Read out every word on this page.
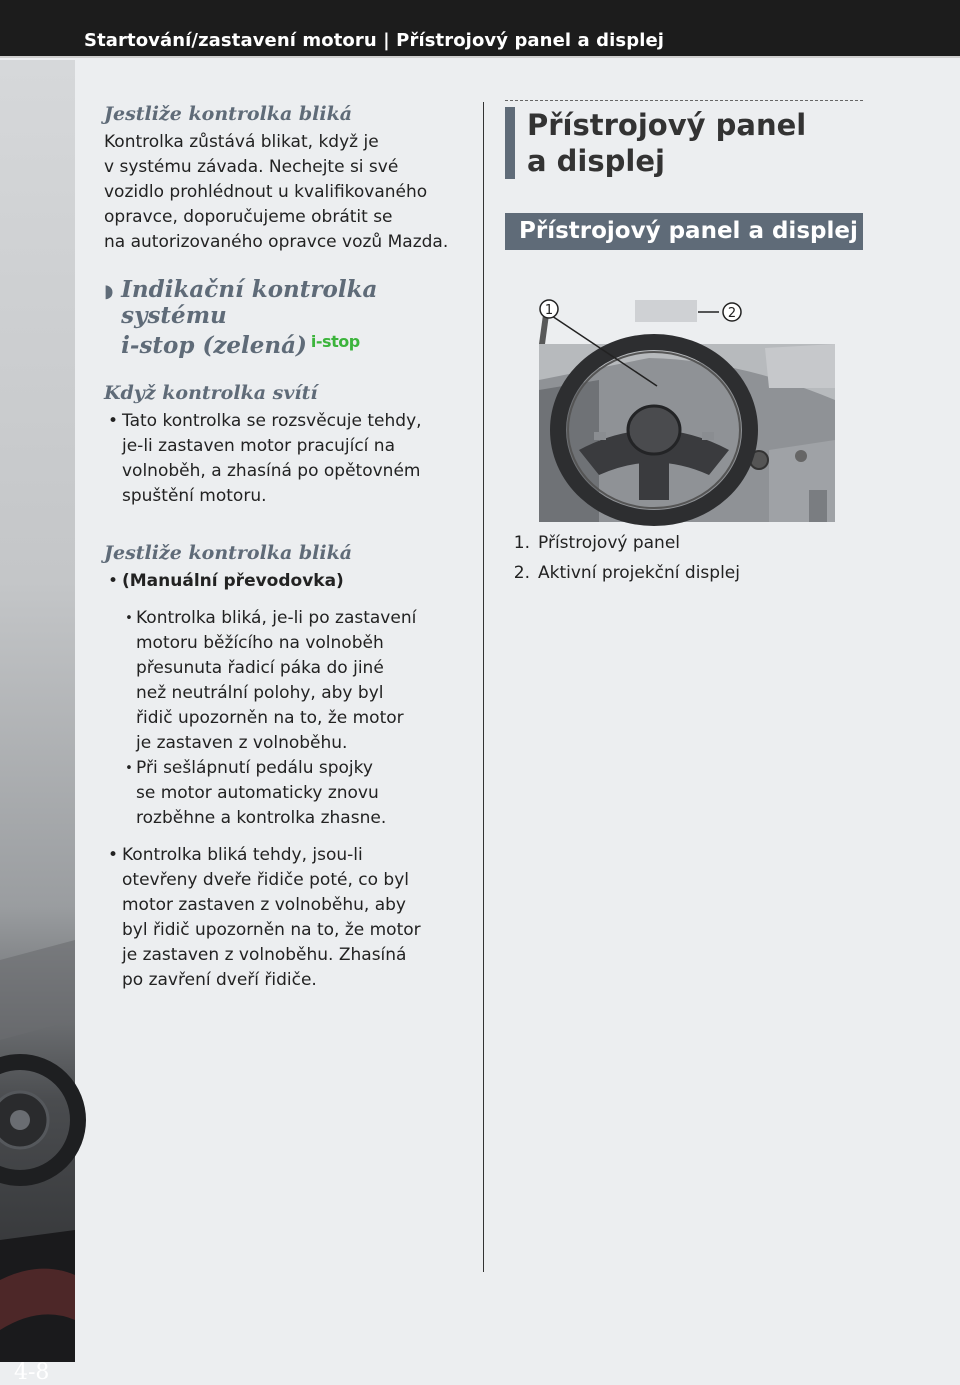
Startování/zastavení motoru | Přístrojový panel a displej
4-8
Jestliže kontrolka bliká
Kontrolka zůstává blikat, když je
v systému závada. Nechejte si své
vozidlo prohlédnout u kvalifikovaného
opravce, doporučujeme obrátit se
na autorizovaného opravce vozů Mazda.
◗ Indikační kontrolka systému
i-stop (zelená) i-stop
Když kontrolka svítí
• Tato kontrolka se rozsvěcuje tehdy,
je-li zastaven motor pracující na
volnoběh, a zhasíná po opětovném
spuštění motoru.
Jestliže kontrolka bliká
• (Manuální převodovka)
• Kontrolka bliká, je-li po zastavení
motoru běžícího na volnoběh
přesunuta řadicí páka do jiné
než neutrální polohy, aby byl
řidič upozorněn na to, že motor
je zastaven z volnoběhu.
• Při sešlápnutí pedálu spojky
se motor automaticky znovu
rozběhne a kontrolka zhasne.
• Kontrolka bliká tehdy, jsou-li
otevřeny dveře řidiče poté, co byl
motor zastaven z volnoběhu, aby
byl řidič upozorněn na to, že motor
je zastaven z volnoběhu. Zhasíná
po zavření dveří řidiče.
Přístrojový panel
a displej
Přístrojový panel a displej
1	2
1. Přístrojový panel
2. Aktivní projekční displej
